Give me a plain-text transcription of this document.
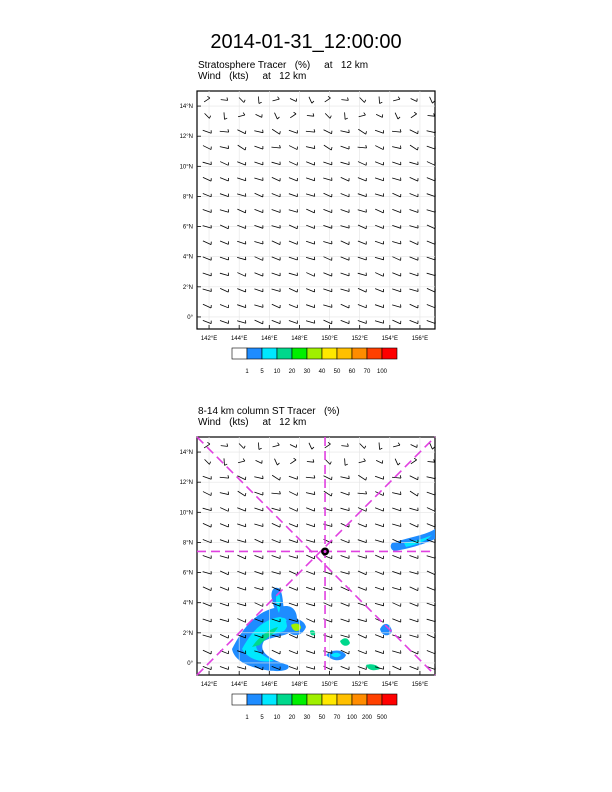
2014-01-31_12:00:00
Stratosphere Tracer   (%)     at   12 km
Wind   (kts)     at   12 km
0°
2°N
4°N
6°N
8°N
10°N
12°N
14°N
142°E 144°E 146°E 148°E 150°E 152°E 154°E 156°E
1 5 10 20 30 40 50 60 70 100
8-14 km column ST Tracer   (%)
Wind   (kts)     at   12 km
0°
2°N
4°N
6°N
8°N
10°N
12°N
14°N
142°E 144°E 146°E 148°E 150°E 152°E 154°E 156°E
1 5 10 20 30 50 70 100 200 500
